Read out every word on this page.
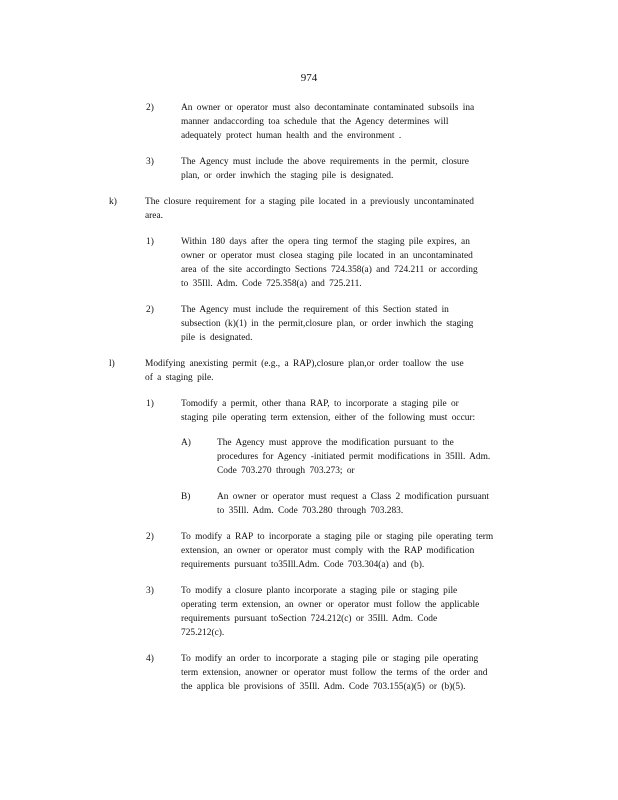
974
2)	An owner or operator must also decontaminate contaminated subsoils ina
manner andaccording toa schedule that the Agency determines will
adequately protect human health and the environment .
3)	The Agency must include the above requirements in the permit, closure
plan, or order inwhich the staging pile is designated.
k)	The closure requirement for a staging pile located in a previously uncontaminated
area.
1)	Within 180 days after the opera ting termof the staging pile expires, an
owner or operator must closea staging pile located in an uncontaminated
area of the site accordingto Sections 724.358(a) and 724.211 or according
to 35Ill. Adm. Code 725.358(a) and 725.211.
2)	The Agency must include the requirement of this Section stated in
subsection (k)(1) in the permit,closure plan, or order inwhich the staging
pile is designated.
l)	Modifying anexisting permit (e.g., a RAP),closure plan,or order toallow the use
of a staging pile.
1)	Tomodify a permit, other thana RAP, to incorporate a staging pile or
staging pile operating term extension, either of the following must occur:
A)	The Agency must approve the modification pursuant to the
procedures for Agency -initiated permit modifications in 35Ill. Adm.
Code 703.270 through 703.273; or
B)	An owner or operator must request a Class 2 modification pursuant
to 35Ill. Adm. Code 703.280 through 703.283.
2)	To modify a RAP to incorporate a staging pile or staging pile operating term
extension, an owner or operator must comply with the RAP modification
requirements pursuant to35Ill.Adm. Code 703.304(a) and (b).
3)	To modify a closure planto incorporate a staging pile or staging pile
operating term extension, an owner or operator must follow the applicable
requirements pursuant toSection 724.212(c) or 35Ill. Adm. Code
725.212(c).
4)	To modify an order to incorporate a staging pile or staging pile operating
term extension, anowner or operator must follow the terms of the order and
the applica ble provisions of 35Ill. Adm. Code 703.155(a)(5) or (b)(5).
